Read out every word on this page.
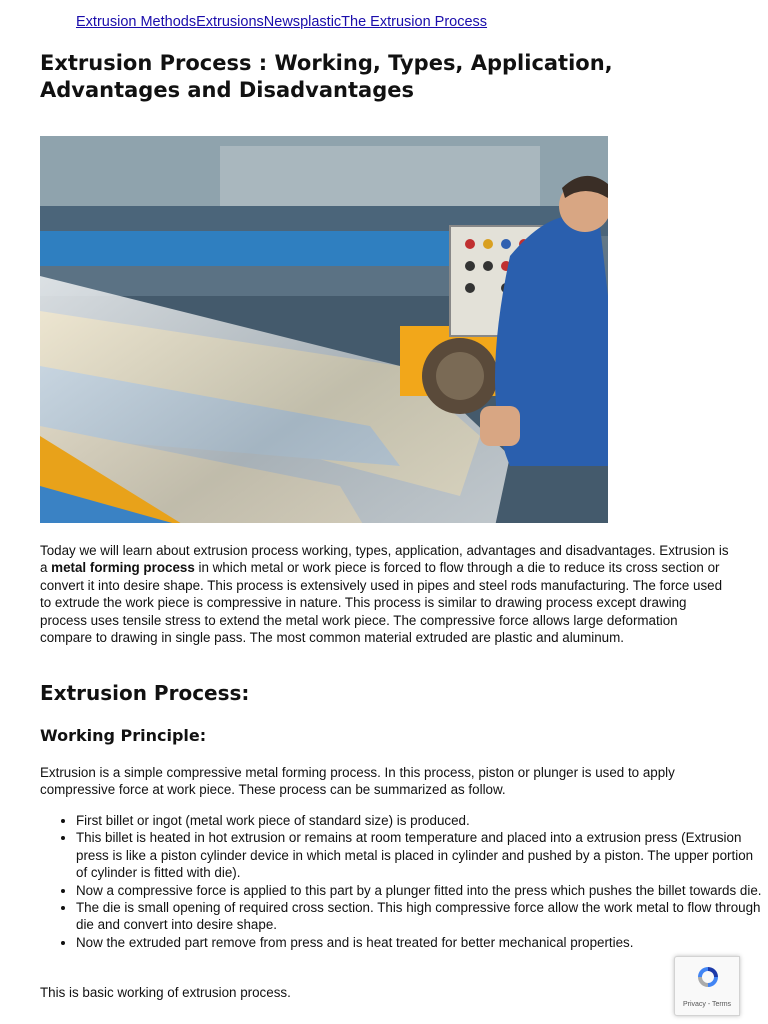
Extrusion MethodsExtrusionsNewsplasticThe Extrusion Process
Extrusion Process : Working, Types, Application, Advantages and Disadvantages

Today we will learn about extrusion process working, types, application, advantages and disadvantages. Extrusion is a metal forming process in which metal or work piece is forced to flow through a die to reduce its cross section or convert it into desire shape. This process is extensively used in pipes and steel rods manufacturing. The force used to extrude the work piece is compressive in nature. This process is similar to drawing process except drawing process uses tensile stress to extend the metal work piece. The compressive force allows large deformation compare to drawing in single pass. The most common material extruded are plastic and aluminum.

Extrusion Process:
Working Principle:

Extrusion is a simple compressive metal forming process. In this process, piston or plunger is used to apply compressive force at work piece. These process can be summarized as follow.

• First billet or ingot (metal work piece of standard size) is produced.
• This billet is heated in hot extrusion or remains at room temperature and placed into a extrusion press (Extrusion press is like a piston cylinder device in which metal is placed in cylinder and pushed by a piston. The upper portion of cylinder is fitted with die).
• Now a compressive force is applied to this part by a plunger fitted into the press which pushes the billet towards die.
• The die is small opening of required cross section. This high compressive force allow the work metal to flow through die and convert into desire shape.
• Now the extruded part remove from press and is heat treated for better mechanical properties.

This is basic working of extrusion process.

Privacy - Terms
